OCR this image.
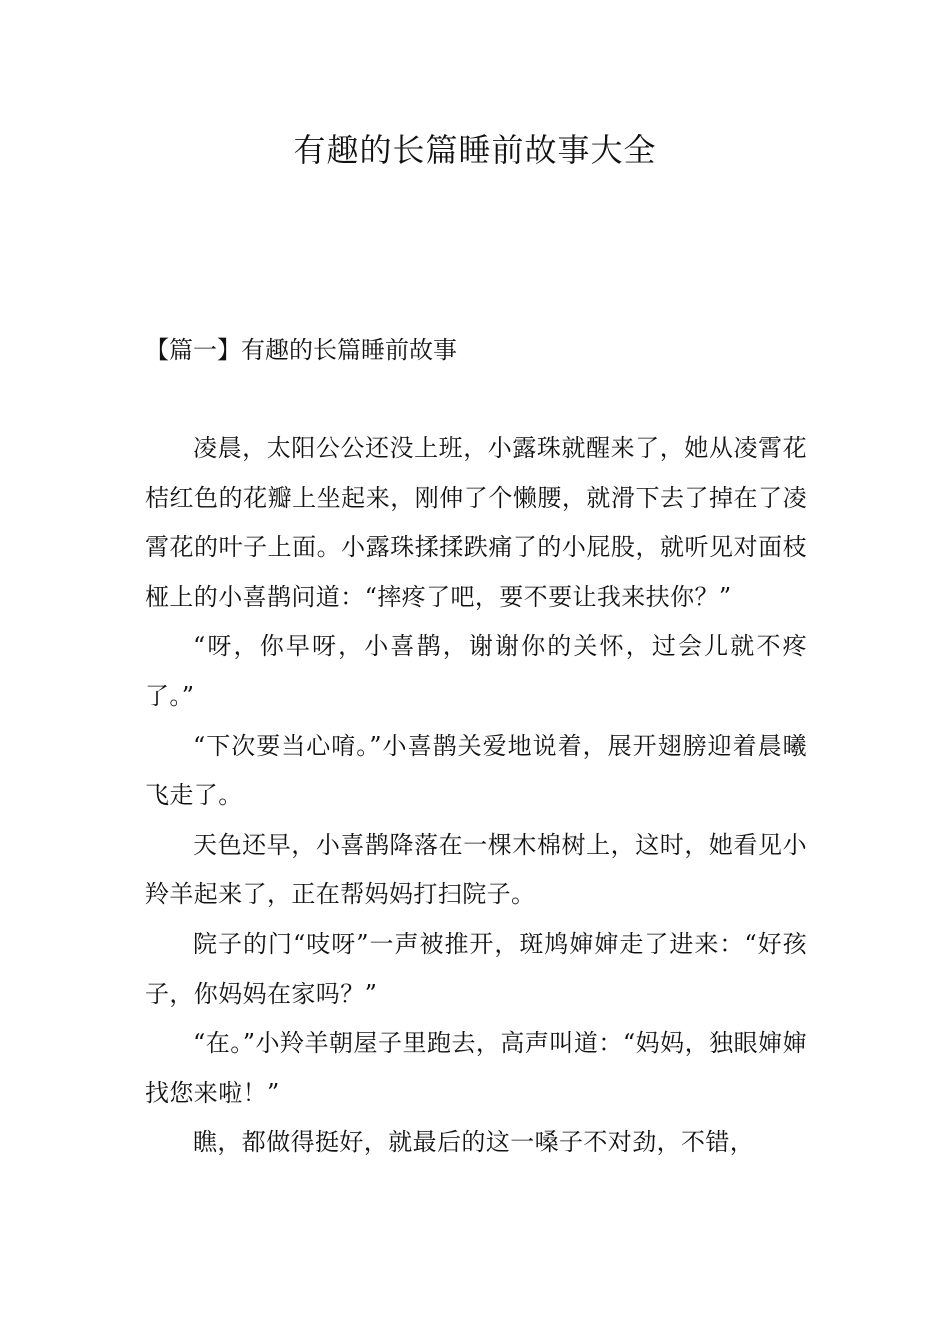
有趣的长篇睡前故事大全
【篇一】有趣的长篇睡前故事

凌晨，太阳公公还没上班，小露珠就醒来了，她从凌霄花桔红色的花瓣上坐起来，刚伸了个懒腰，就滑下去了掉在了凌霄花的叶子上面。小露珠揉揉跌痛了的小屁股，就听见对面枝桠上的小喜鹊问道：“摔疼了吧，要不要让我来扶你？”

“呀，你早呀，小喜鹊，谢谢你的关怀，过会儿就不疼了。”

“下次要当心唷。”小喜鹊关爱地说着，展开翅膀迎着晨曦飞走了。

天色还早，小喜鹊降落在一棵木棉树上，这时，她看见小羚羊起来了，正在帮妈妈打扫院子。

院子的门“吱呀”一声被推开，斑鸠婶婶走了进来：“好孩子，你妈妈在家吗？”

“在。”小羚羊朝屋子里跑去，高声叫道：“妈妈，独眼婶婶找您来啦！”

瞧，都做得挺好，就最后的这一嗓子不对劲，不错，
